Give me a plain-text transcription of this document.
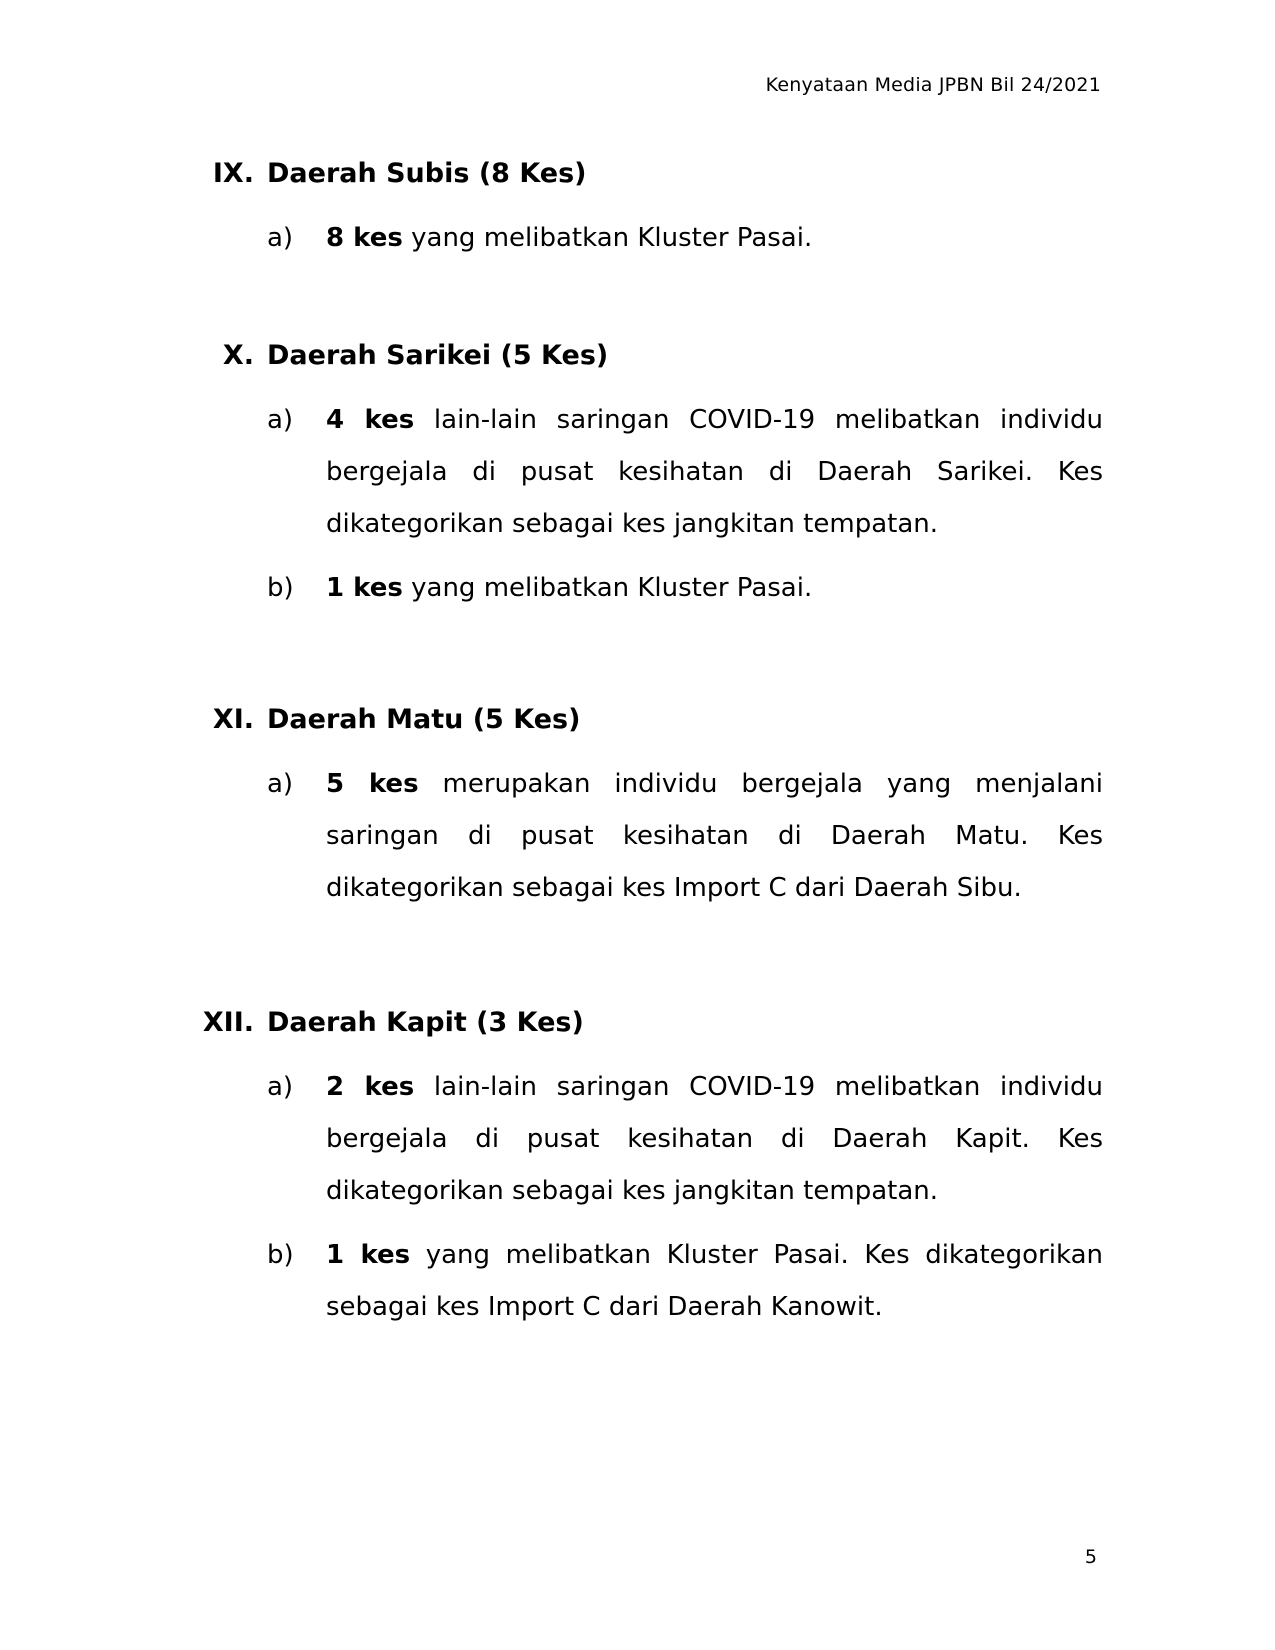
Kenyataan Media JPBN Bil 24/2021
IX. Daerah Subis (8 Kes)
a) 8 kes yang melibatkan Kluster Pasai.
X. Daerah Sarikei (5 Kes)
a) 4 kes lain-lain saringan COVID-19 melibatkan individu bergejala di pusat kesihatan di Daerah Sarikei. Kes dikategorikan sebagai kes jangkitan tempatan.
b) 1 kes yang melibatkan Kluster Pasai.
XI. Daerah Matu (5 Kes)
a) 5 kes merupakan individu bergejala yang menjalani saringan di pusat kesihatan di Daerah Matu. Kes dikategorikan sebagai kes Import C dari Daerah Sibu.
XII. Daerah Kapit (3 Kes)
a) 2 kes lain-lain saringan COVID-19 melibatkan individu bergejala di pusat kesihatan di Daerah Kapit. Kes dikategorikan sebagai kes jangkitan tempatan.
b) 1 kes yang melibatkan Kluster Pasai. Kes dikategorikan sebagai kes Import C dari Daerah Kanowit.
5
